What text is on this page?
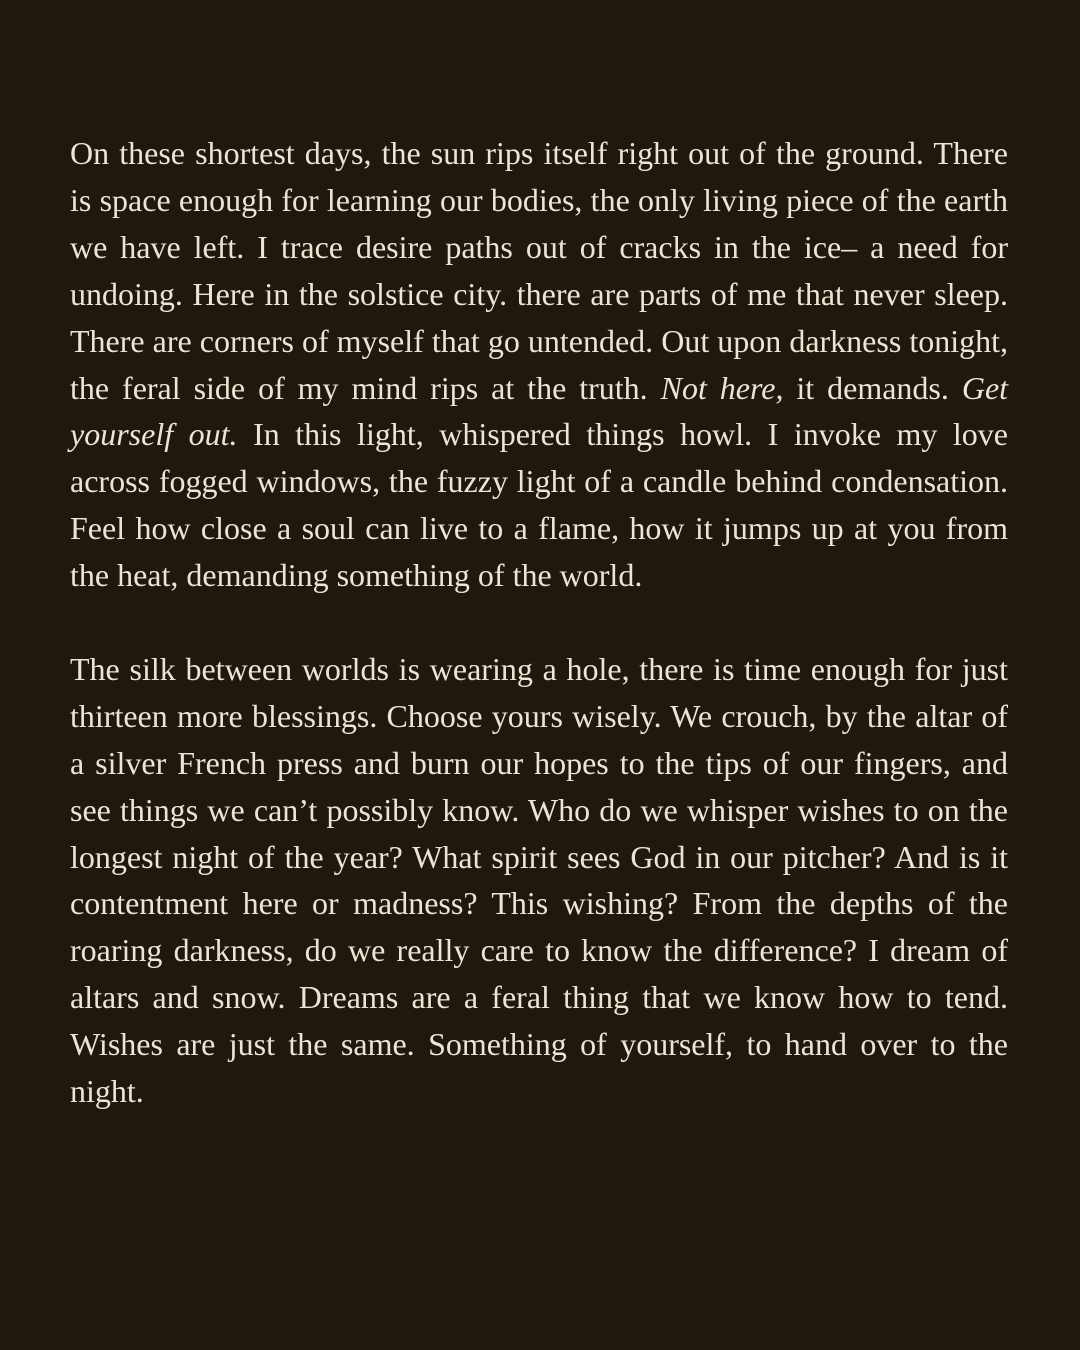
On these shortest days, the sun rips itself right out of the ground. There is space enough for learning our bodies, the only living piece of the earth we have left. I trace desire paths out of cracks in the ice– a need for undoing. Here in the solstice city. there are parts of me that never sleep. There are corners of myself that go untended. Out upon darkness tonight, the feral side of my mind rips at the truth. Not here, it demands. Get yourself out. In this light, whispered things howl. I invoke my love across fogged windows, the fuzzy light of a candle behind condensation. Feel how close a soul can live to a flame, how it jumps up at you from the heat, demanding something of the world.

The silk between worlds is wearing a hole, there is time enough for just thirteen more blessings. Choose yours wisely. We crouch, by the altar of a silver French press and burn our hopes to the tips of our fingers, and see things we can’t possibly know. Who do we whisper wishes to on the longest night of the year? What spirit sees God in our pitcher? And is it contentment here or madness? This wishing? From the depths of the roaring darkness, do we really care to know the difference? I dream of altars and snow. Dreams are a feral thing that we know how to tend. Wishes are just the same. Something of yourself, to hand over to the night.
